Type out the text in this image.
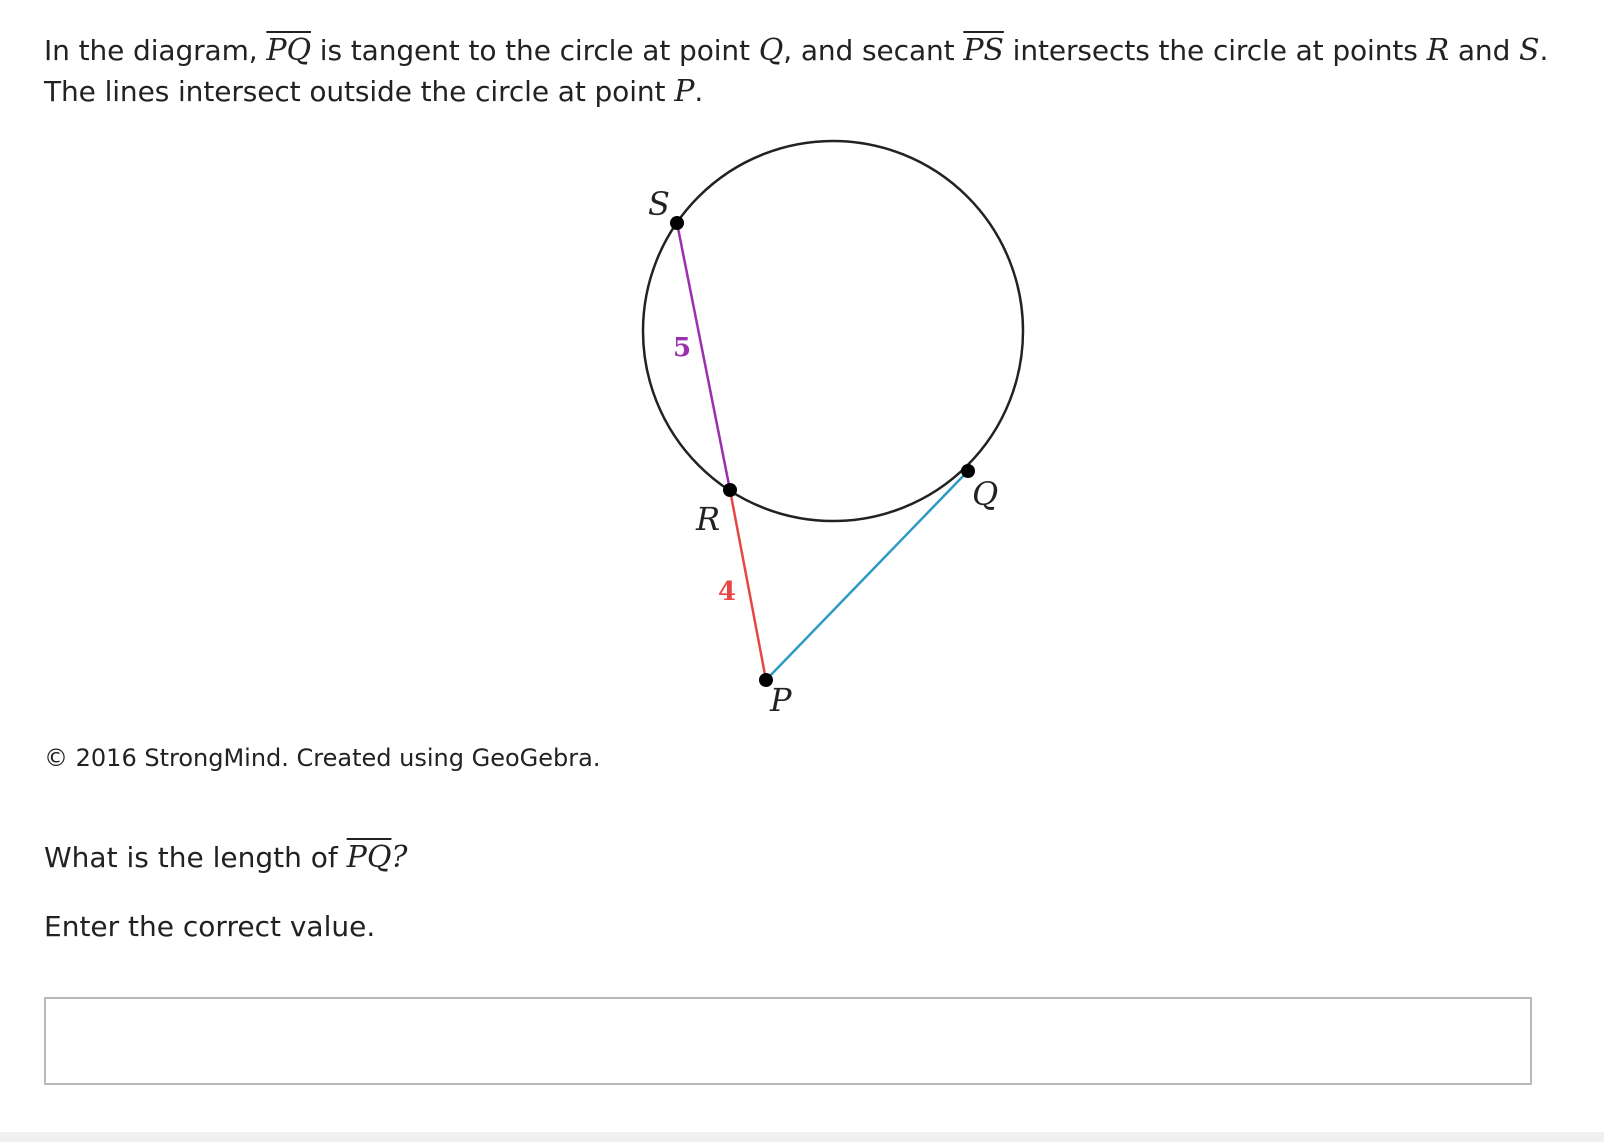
In the diagram, $\overline{PQ}$ is tangent to the circle at point Q, and secant $\overline{PS}$ intersects the circle at points R and S. The lines intersect outside the circle at point P.
S
R
Q
P
5
4
© 2016 StrongMind. Created using GeoGebra.
What is the length of $\overline{PQ}$?
Enter the correct value.
